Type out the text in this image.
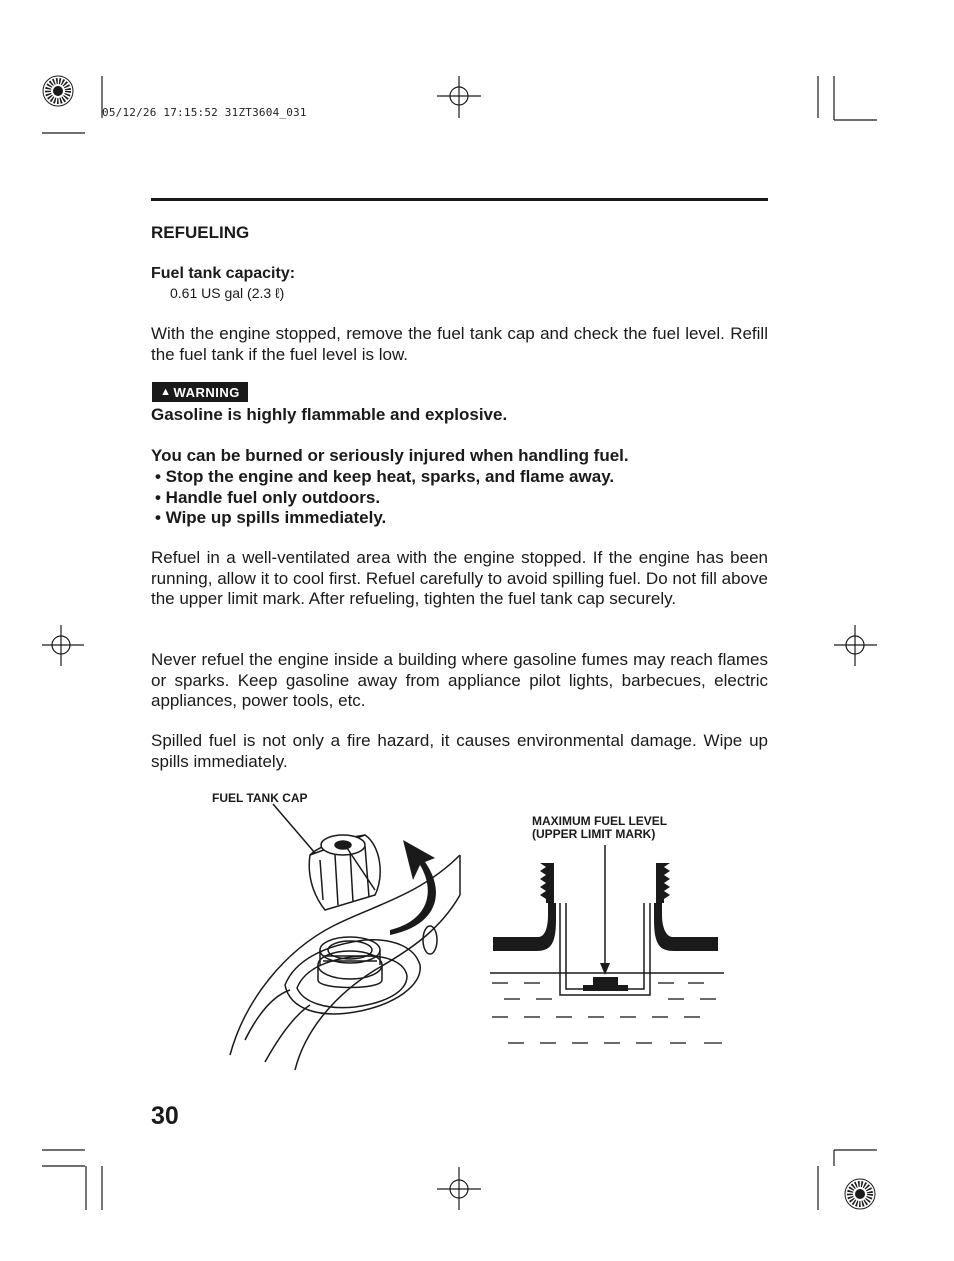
05/12/26 17:15:52 31ZT3604_031
REFUELING
Fuel tank capacity:
0.61 US gal (2.3 ℓ)
With the engine stopped, remove the fuel tank cap and check the fuel level. Refill the fuel tank if the fuel level is low.
▲ WARNING
Gasoline is highly flammable and explosive.
You can be burned or seriously injured when handling fuel.
• Stop the engine and keep heat, sparks, and flame away.
• Handle fuel only outdoors.
• Wipe up spills immediately.
Refuel in a well-ventilated area with the engine stopped. If the engine has been running, allow it to cool first. Refuel carefully to avoid spilling fuel. Do not fill above the upper limit mark. After refueling, tighten the fuel tank cap securely.
Never refuel the engine inside a building where gasoline fumes may reach flames or sparks. Keep gasoline away from appliance pilot lights, barbecues, electric appliances, power tools, etc.
Spilled fuel is not only a fire hazard, it causes environmental damage. Wipe up spills immediately.
FUEL TANK CAP
MAXIMUM FUEL LEVEL
(UPPER LIMIT MARK)
30
